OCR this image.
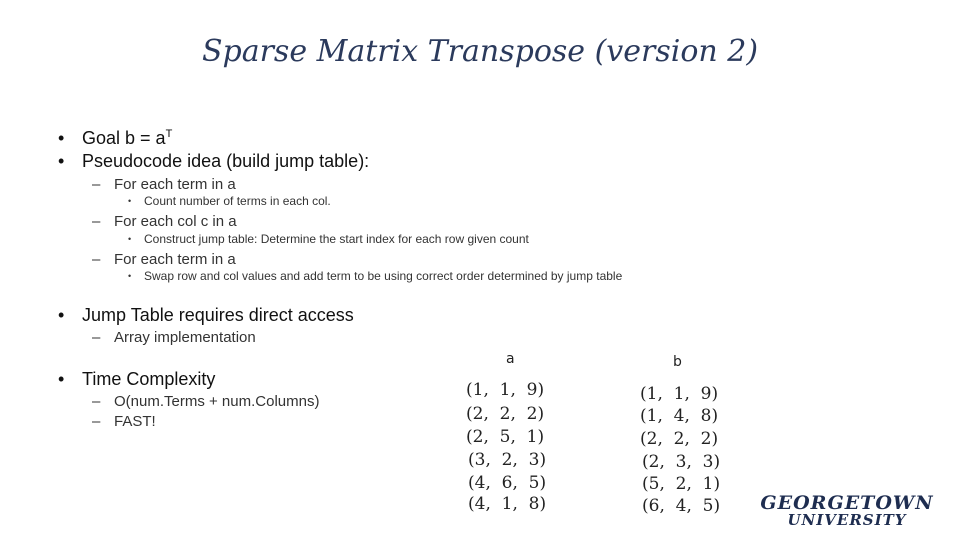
Sparse Matrix Transpose (version 2)
• Goal $b = a^T$
• Pseudocode idea (build jump table):
– For each term in a
• Count number of terms in each col.
– For each col c in a
• Construct jump table: Determine the start index for each row given count
– For each term in a
• Swap row and col values and add term to be using correct order determined by jump table
• Jump Table requires direct access
– Array implementation
• Time Complexity
– O(num.Terms + num.Columns)
– FAST!
a
(1,  1,  9)
(2,  2,  2)
(2,  5,  1)
(3,  2,  3)
(4,  6,  5)
(4,  1,  8)
b
(1,  1,  9)
(1,  4,  8)
(2,  2,  2)
(2,  3,  3)
(5,  2,  1)
(6,  4,  5)	GEORGETOWN
UNIVERSITY
